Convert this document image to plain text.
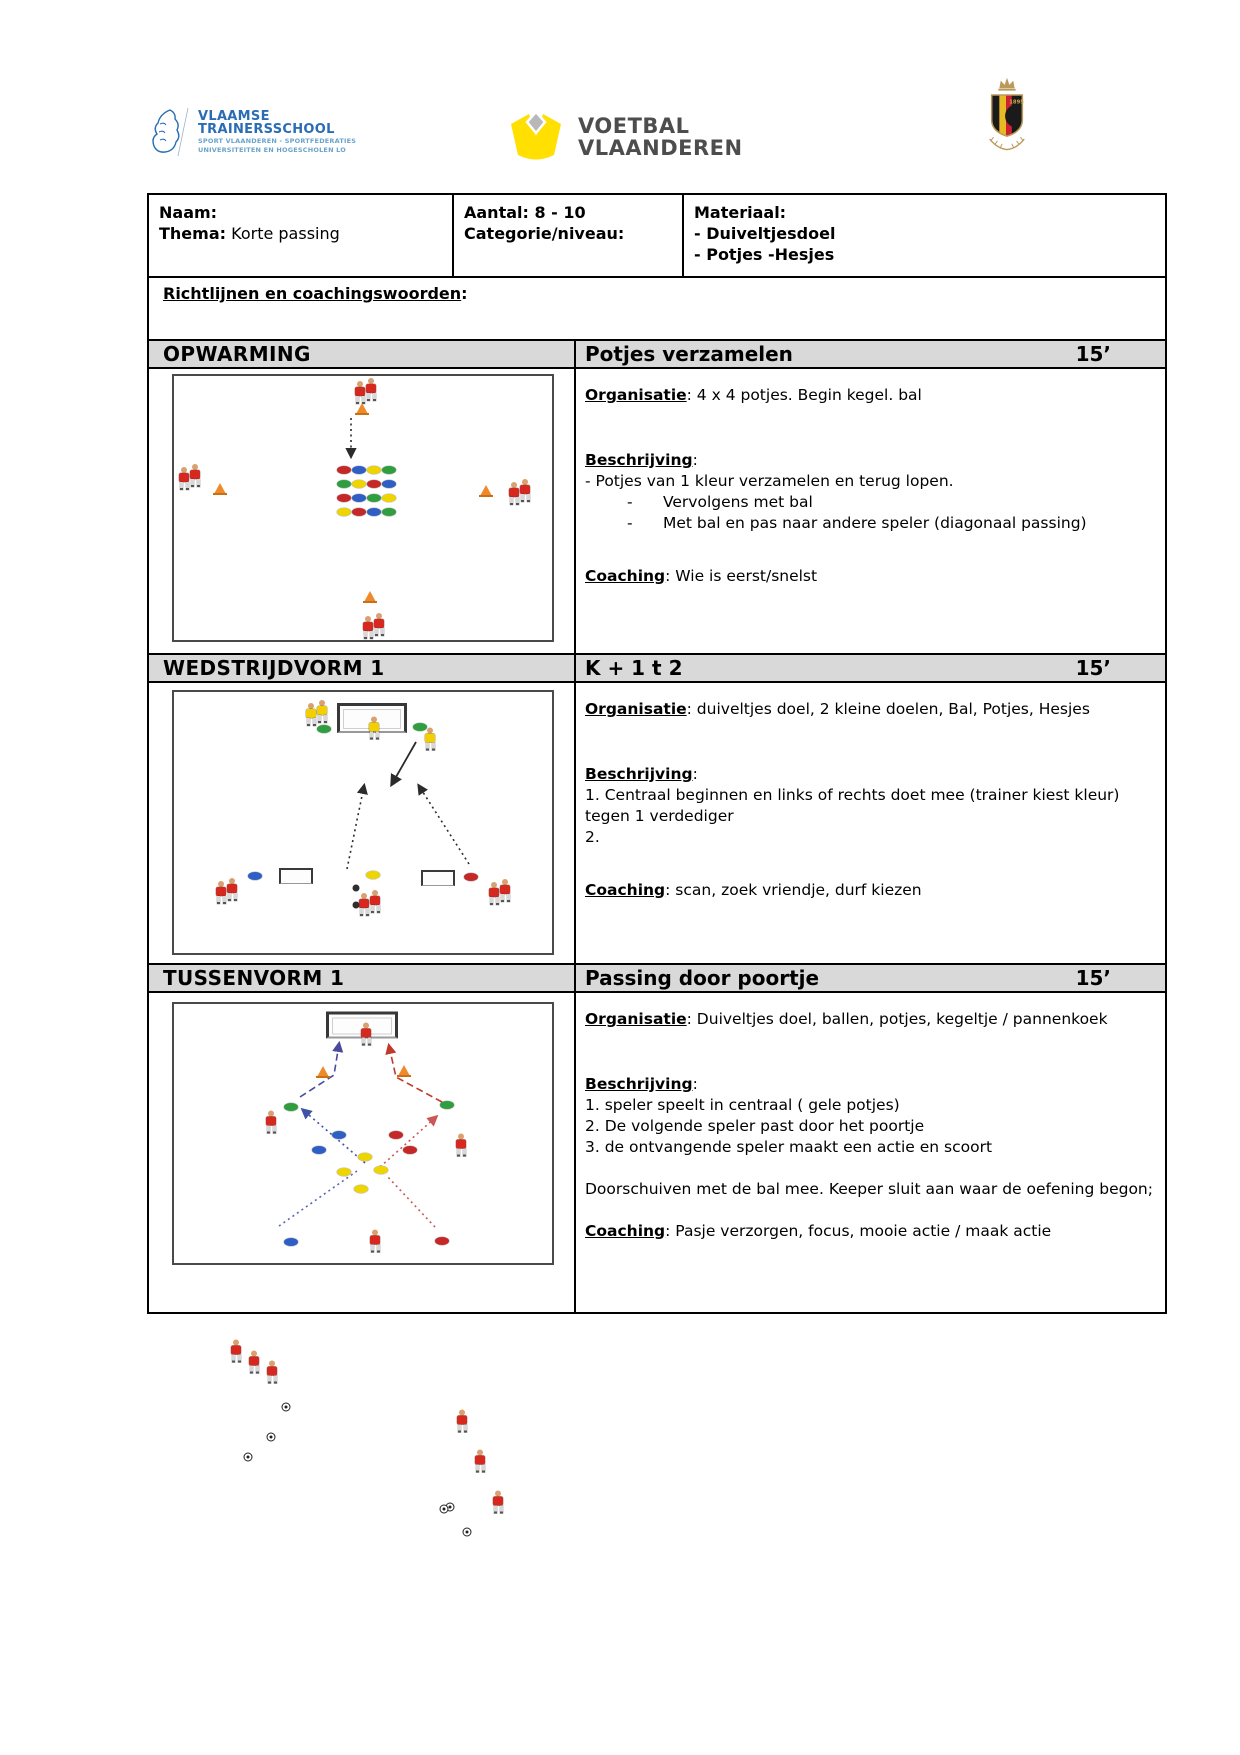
VLAAMSE
TRAINERSSCHOOL
SPORT VLAANDEREN - SPORTFEDERATIES
UNIVERSITEITEN EN HOGESCHOLEN LO
VOETBAL
VLAANDEREN
1895
Naam:
Thema: Korte passing
Aantal: 8 - 10
Categorie/niveau:
Materiaal:
- Duiveltjesdoel
- Potjes -Hesjes
Richtlijnen en coachingswoorden:
OPWARMING	Potjes verzamelen	15’
Organisatie: 4 x 4 potjes. Begin kegel. bal
Beschrijving:
- Potjes van 1 kleur verzamelen en terug lopen.
-	Vervolgens met bal
-	Met bal en pas naar andere speler (diagonaal passing)
Coaching: Wie is eerst/snelst
WEDSTRIJDVORM 1	K + 1 t 2	15’
Organisatie: duiveltjes doel, 2 kleine doelen, Bal, Potjes, Hesjes
Beschrijving:
1. Centraal beginnen en links of rechts doet mee (trainer kiest kleur) tegen 1 verdediger
2.
Coaching: scan, zoek vriendje, durf kiezen
TUSSENVORM 1	Passing door poortje	15’
Organisatie: Duiveltjes doel, ballen, potjes, kegeltje / pannenkoek
Beschrijving:
1. speler speelt in centraal ( gele potjes)
2. De volgende speler past door het poortje
3. de ontvangende speler maakt een actie en scoort
Doorschuiven met de bal mee. Keeper sluit aan waar de oefening begon;
Coaching: Pasje verzorgen, focus, mooie actie / maak actie
